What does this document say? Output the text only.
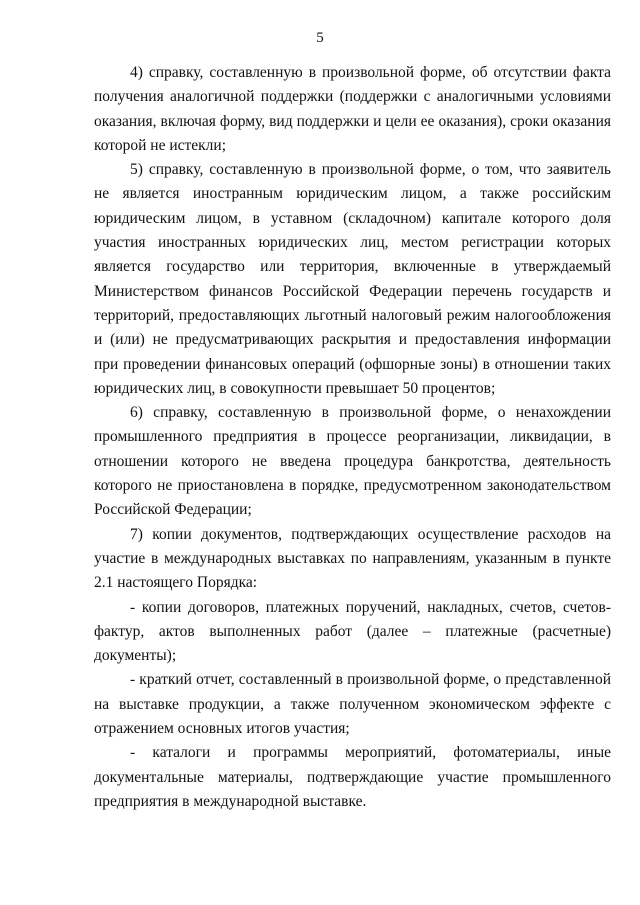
5

4) справку, составленную в произвольной форме, об отсутствии факта получения аналогичной поддержки (поддержки с аналогичными условиями оказания, включая форму, вид поддержки и цели ее оказания), сроки оказания которой не истекли;

5) справку, составленную в произвольной форме, о том, что заявитель не является иностранным юридическим лицом, а также российским юридическим лицом, в уставном (складочном) капитале которого доля участия иностранных юридических лиц, местом регистрации которых является государство или территория, включенные в утверждаемый Министерством финансов Российской Федерации перечень государств и территорий, предоставляющих льготный налоговый режим налогообложения и (или) не предусматривающих раскрытия и предоставления информации при проведении финансовых операций (офшорные зоны) в отношении таких юридических лиц, в совокупности превышает 50 процентов;

6) справку, составленную в произвольной форме, о ненахождении промышленного предприятия в процессе реорганизации, ликвидации, в отношении которого не введена процедура банкротства, деятельность которого не приостановлена в порядке, предусмотренном законодательством Российской Федерации;

7) копии документов, подтверждающих осуществление расходов на участие в международных выставках по направлениям, указанным в пункте 2.1 настоящего Порядка:

- копии договоров, платежных поручений, накладных, счетов, счетов-фактур, актов выполненных работ (далее – платежные (расчетные) документы);

- краткий отчет, составленный в произвольной форме, о представленной на выставке продукции, а также полученном экономическом эффекте с отражением основных итогов участия;

- каталоги и программы мероприятий, фотоматериалы, иные документальные материалы, подтверждающие участие промышленного предприятия в международной выставке.
